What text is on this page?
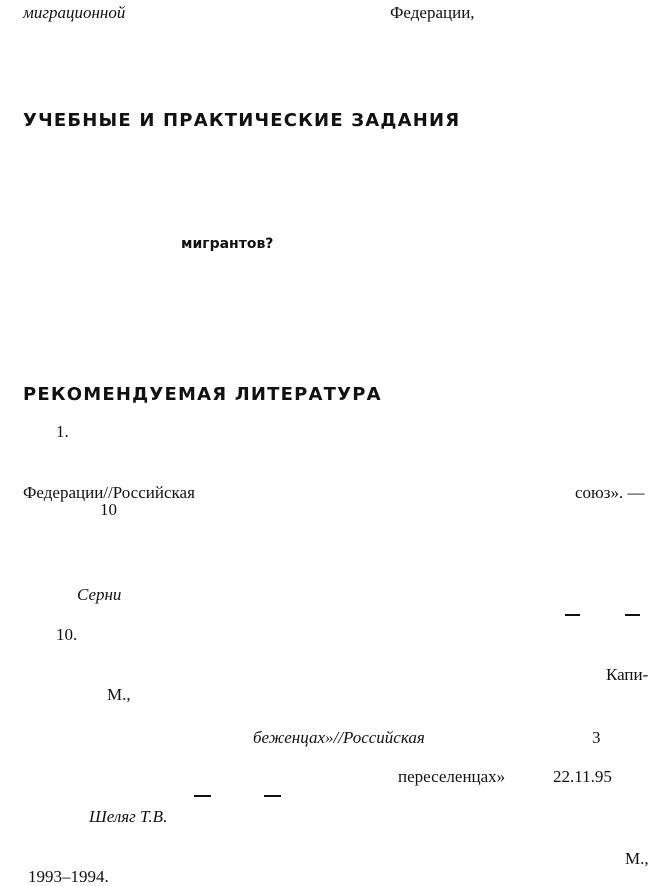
миграционной	Федерации,
УЧЕБНЫЕ И ПРАКТИЧЕСКИЕ ЗАДАНИЯ
мигрантов?
РЕКОМЕНДУЕМАЯ ЛИТЕРАТУРА
1.
Федерации//Российская	союз». —
10
Серни
10.
Капи-
М.,
беженцах»//Российская	3
переселенцах»	22.11.95
Шеляг Т.В.
М.,
1993–1994.
